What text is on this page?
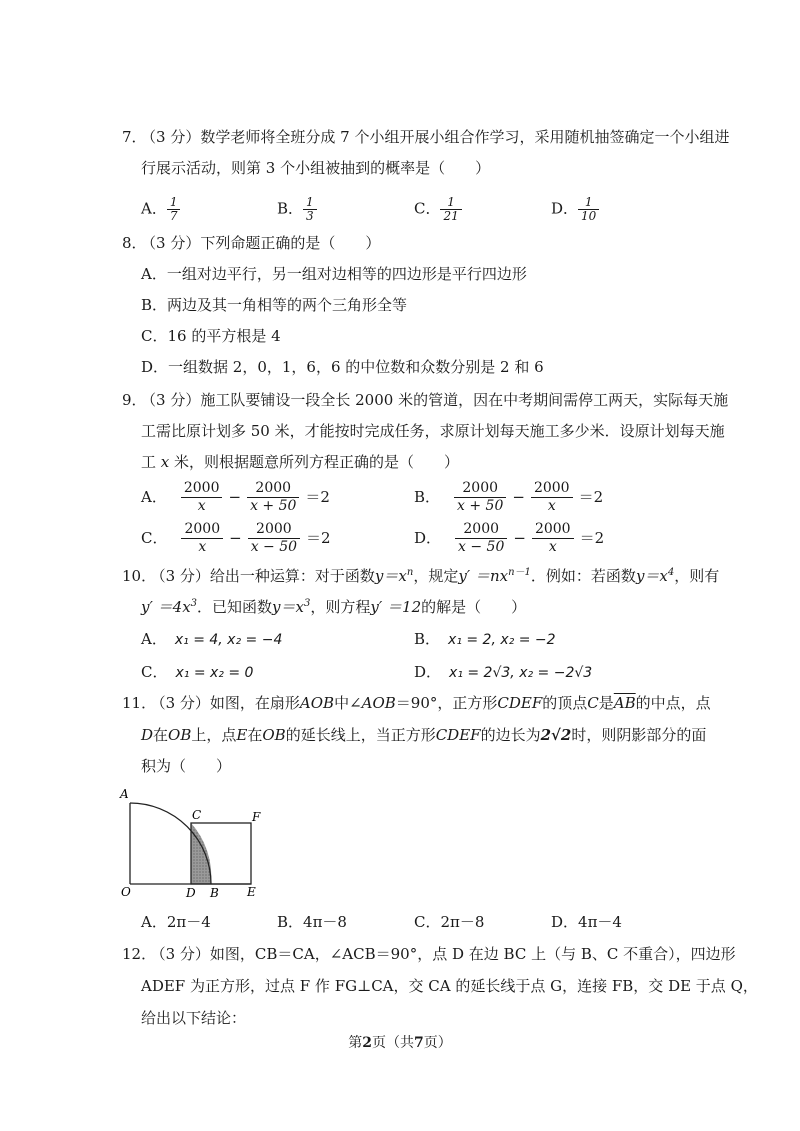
7． （3 分）数学老师将全班分成 7 个小组开展小组合作学习，采用随机抽签确定一个小组进
行展示活动，则第 3 个小组被抽到的概率是（　　）
A． $\frac{1}{7}$	B． $\frac{1}{3}$	C． $\frac{1}{21}$	D． $\frac{1}{10}$
8． （3 分）下列命题正确的是（　　）
A．一组对边平行，另一组对边相等的四边形是平行四边形
B．两边及其一角相等的两个三角形全等
C．16 的平方根是 4
D．一组数据 2，0，1，6，6 的中位数和众数分别是 2 和 6
9． （3 分）施工队要铺设一段全长 2000 米的管道，因在中考期间需停工两天，实际每天施
工需比原计划多 50 米，才能按时完成任务，求原计划每天施工多少米．设原计划每天施
工 x 米，则根据题意所列方程正确的是（　　）
A． $\frac{2000}{x} - \frac{2000}{x + 50} =2$	B． $\frac{2000}{x + 50} - \frac{2000}{x} =2$
C． $\frac{2000}{x} - \frac{2000}{x - 50} =2$	D． $\frac{2000}{x - 50} - \frac{2000}{x} =2$
10． （3 分）给出一种运算：对于函数$y=x^n$，规定$y' =nx^{n-1}$．例如：若函数$y=x^4$，则有
$y' =4x^3$．已知函数$y=x^3$，则方程y′ ＝12的解是（　　）
A． x₁ = 4, x₂ = −4	B． x₁ = 2, x₂ = −2
C． x₁ = x₂ = 0	D． x₁ = 2√3, x₂ = −2√3
11． （3 分）如图，在扇形AOB中∠AOB＝90°，正方形CDEF的顶点C是$\overline{AB}$的中点，点
D在OB上，点E在OB的延长线上，当正方形CDEF的边长为2√2时，则阴影部分的面
积为（　　）
A
C	F
O	D B E
A．2π－4	B．4π－8	C．2π－8	D．4π－4
12． （3 分）如图，CB＝CA，∠ACB＝90°，点 D 在边 BC 上（与 B、C 不重合），四边形
ADEF 为正方形，过点 F 作 FG⊥CA，交 CA 的延长线于点 G，连接 FB，交 DE 于点 Q，
给出以下结论：
第2页（共7页）
